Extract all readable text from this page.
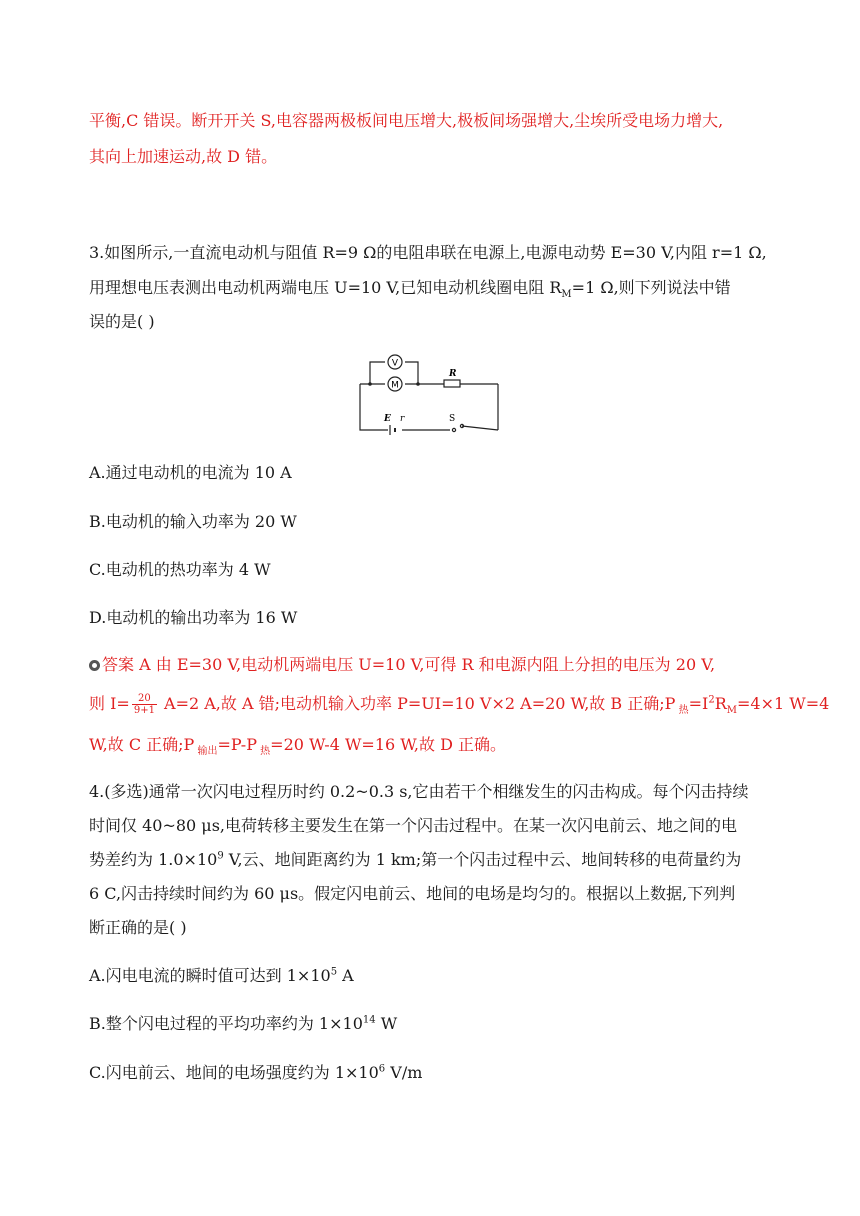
平衡,C 错误。断开开关 S,电容器两极板间电压增大,极板间场强增大,尘埃所受电场力增大,
其向上加速运动,故 D 错。
3.如图所示,一直流电动机与阻值 R=9 Ω的电阻串联在电源上,电源电动势 E=30 V,内阻 r=1 Ω,
用理想电压表测出电动机两端电压 U=10 V,已知电动机线圈电阻 $R_M=1$ Ω,则下列说法中错
误的是( )
V
M
R
E r	S
A.通过电动机的电流为 10 A
B.电动机的输入功率为 20 W
C.电动机的热功率为 4 W
D.电动机的输出功率为 16 W
答案 A 由 E=30 V,电动机两端电压 U=10 V,可得 R 和电源内阻上分担的电压为 20 V,
则 $I= \frac{20}{9+1} A=2$ A,故 A 错;电动机输入功率 P=UI=10 V×2 A=20 W,故 B 正确;P $_热=I^2R_M=4\times 1$ W=4
W,故 C 正确;P $_{输出}$=P-P $_热$=20 W-4 W=16 W,故 D 正确。
4.(多选)通常一次闪电过程历时约 0.2~0.3 s,它由若干个相继发生的闪击构成。每个闪击持续
时间仅 40~80 μs,电荷转移主要发生在第一个闪击过程中。在某一次闪电前云、地之间的电
势差约为 $1.0\times 10^9$ V,云、地间距离约为 1 km;第一个闪击过程中云、地间转移的电荷量约为
6 C,闪击持续时间约为 60 μs。假定闪电前云、地间的电场是均匀的。根据以上数据,下列判
断正确的是( )
A.闪电电流的瞬时值可达到 $1\times 10^5$ A
B.整个闪电过程的平均功率约为 $1\times 10^{14}$ W
C.闪电前云、地间的电场强度约为 $1\times 10^6$ V/m
